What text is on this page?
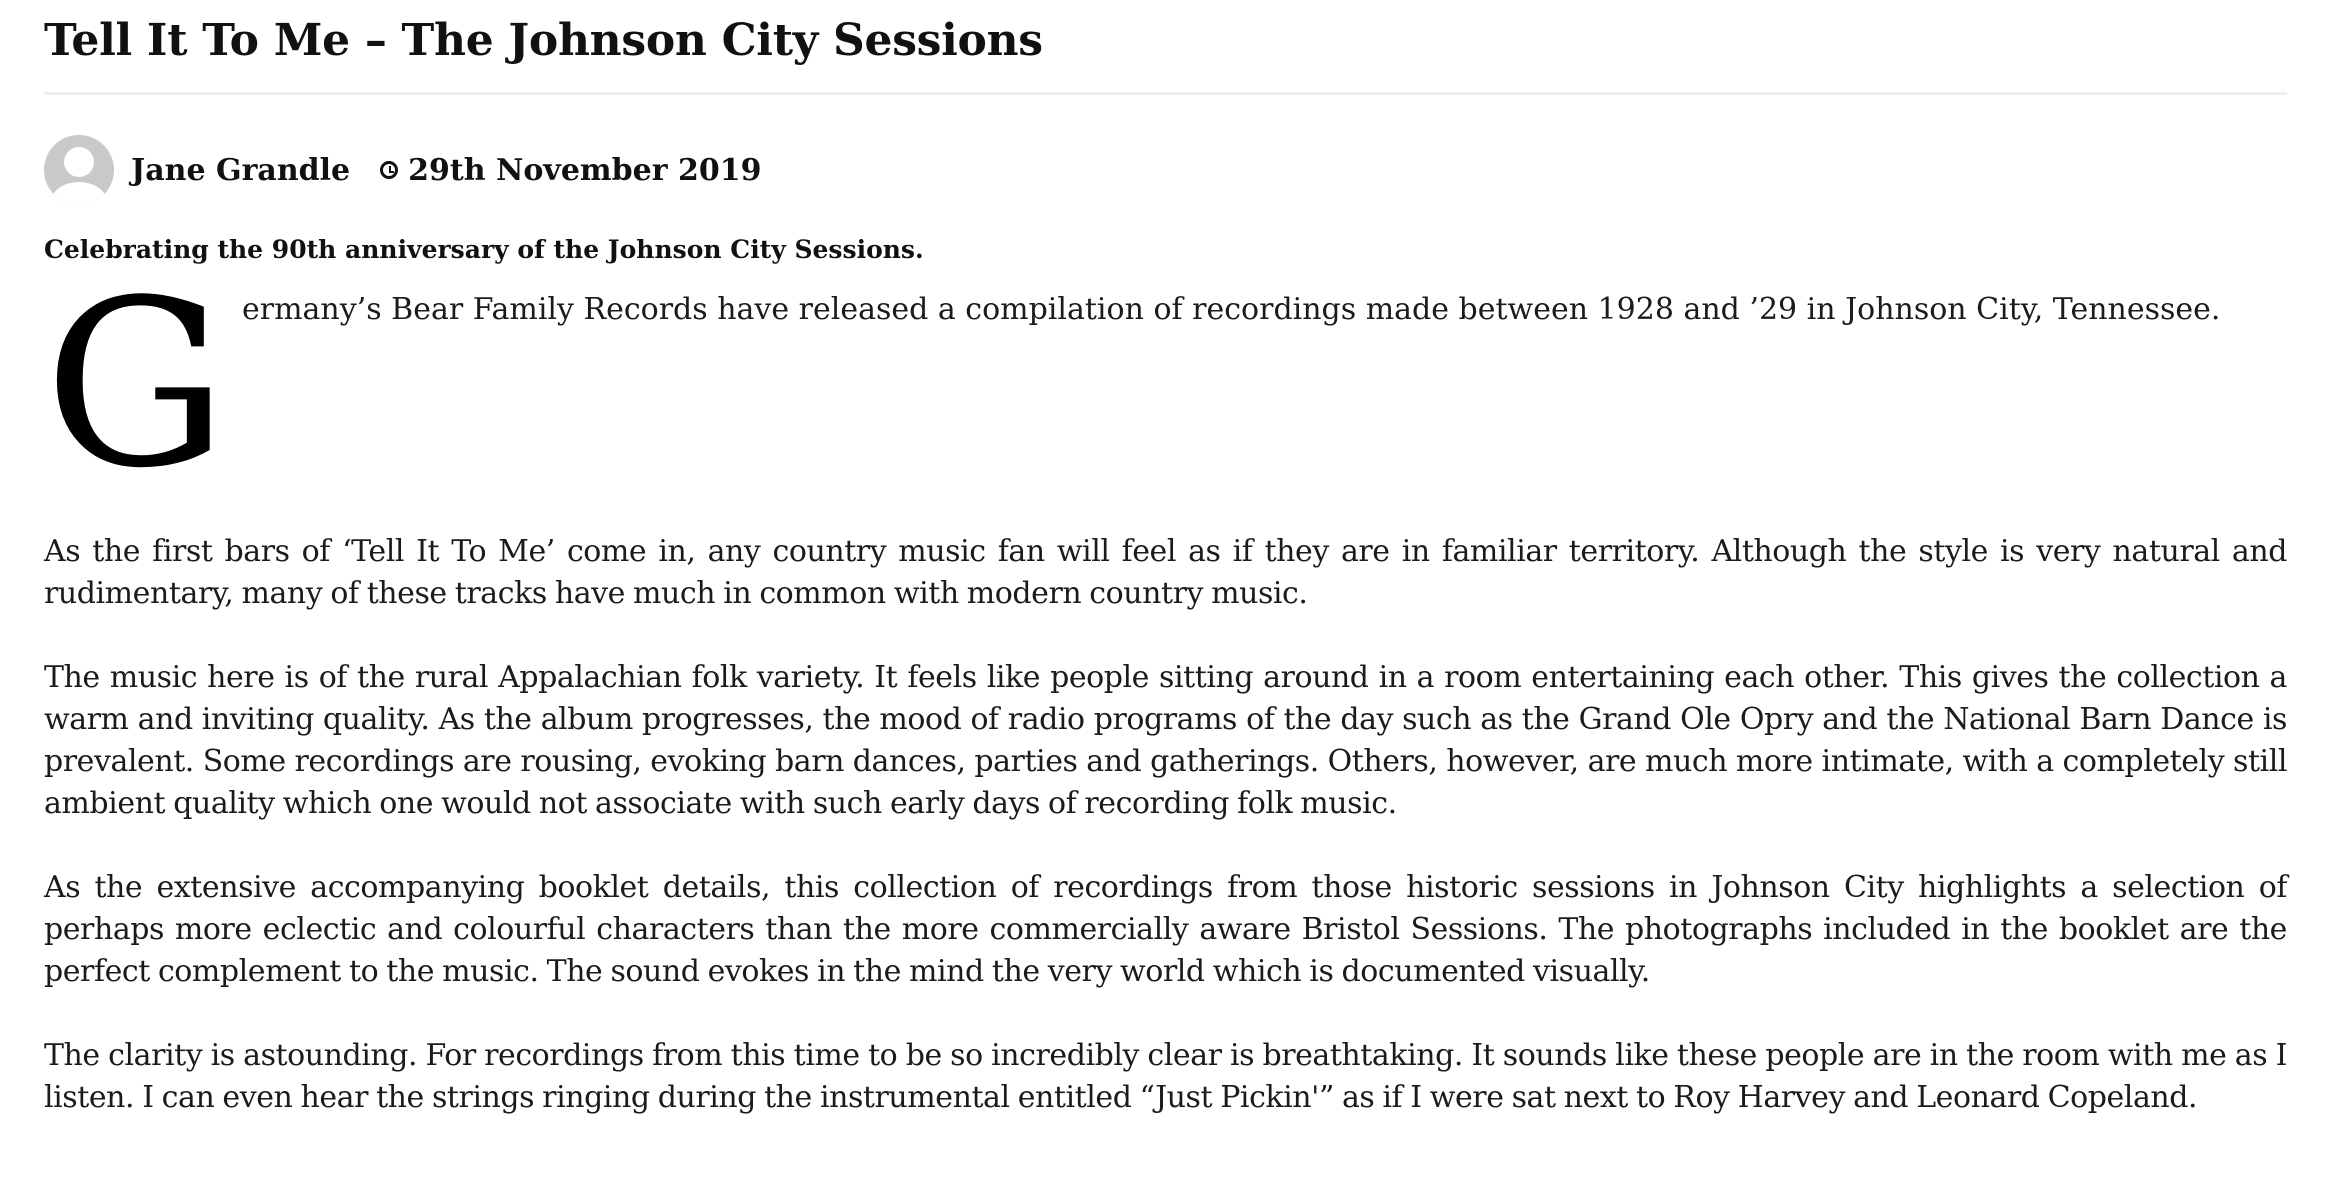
Tell It To Me – The Johnson City Sessions
Jane Grandle 29th November 2019

Celebrating the 90th anniversary of the Johnson City Sessions.

G ermany’s Bear Family Records have released a compilation of recordings made between 1928 and ’29 in Johnson City, Tennessee.

As the first bars of ‘Tell It To Me’ come in, any country music fan will feel as if they are in familiar territory. Although the style is very natural and rudimentary, many of these tracks have much in common with modern country music.

The music here is of the rural Appalachian folk variety. It feels like people sitting around in a room entertaining each other. This gives the collection a warm and inviting quality. As the album progresses, the mood of radio programs of the day such as the Grand Ole Opry and the National Barn Dance is prevalent. Some recordings are rousing, evoking barn dances, parties and gatherings. Others, however, are much more intimate, with a completely still ambient quality which one would not associate with such early days of recording folk music.

As the extensive accompanying booklet details, this collection of recordings from those historic sessions in Johnson City highlights a selection of perhaps more eclectic and colourful characters than the more commercially aware Bristol Sessions. The photographs included in the booklet are the perfect complement to the music. The sound evokes in the mind the very world which is documented visually.

The clarity is astounding. For recordings from this time to be so incredibly clear is breathtaking. It sounds like these people are in the room with me as I listen. I can even hear the strings ringing during the instrumental entitled “Just Pickin'” as if I were sat next to Roy Harvey and Leonard Copeland.
